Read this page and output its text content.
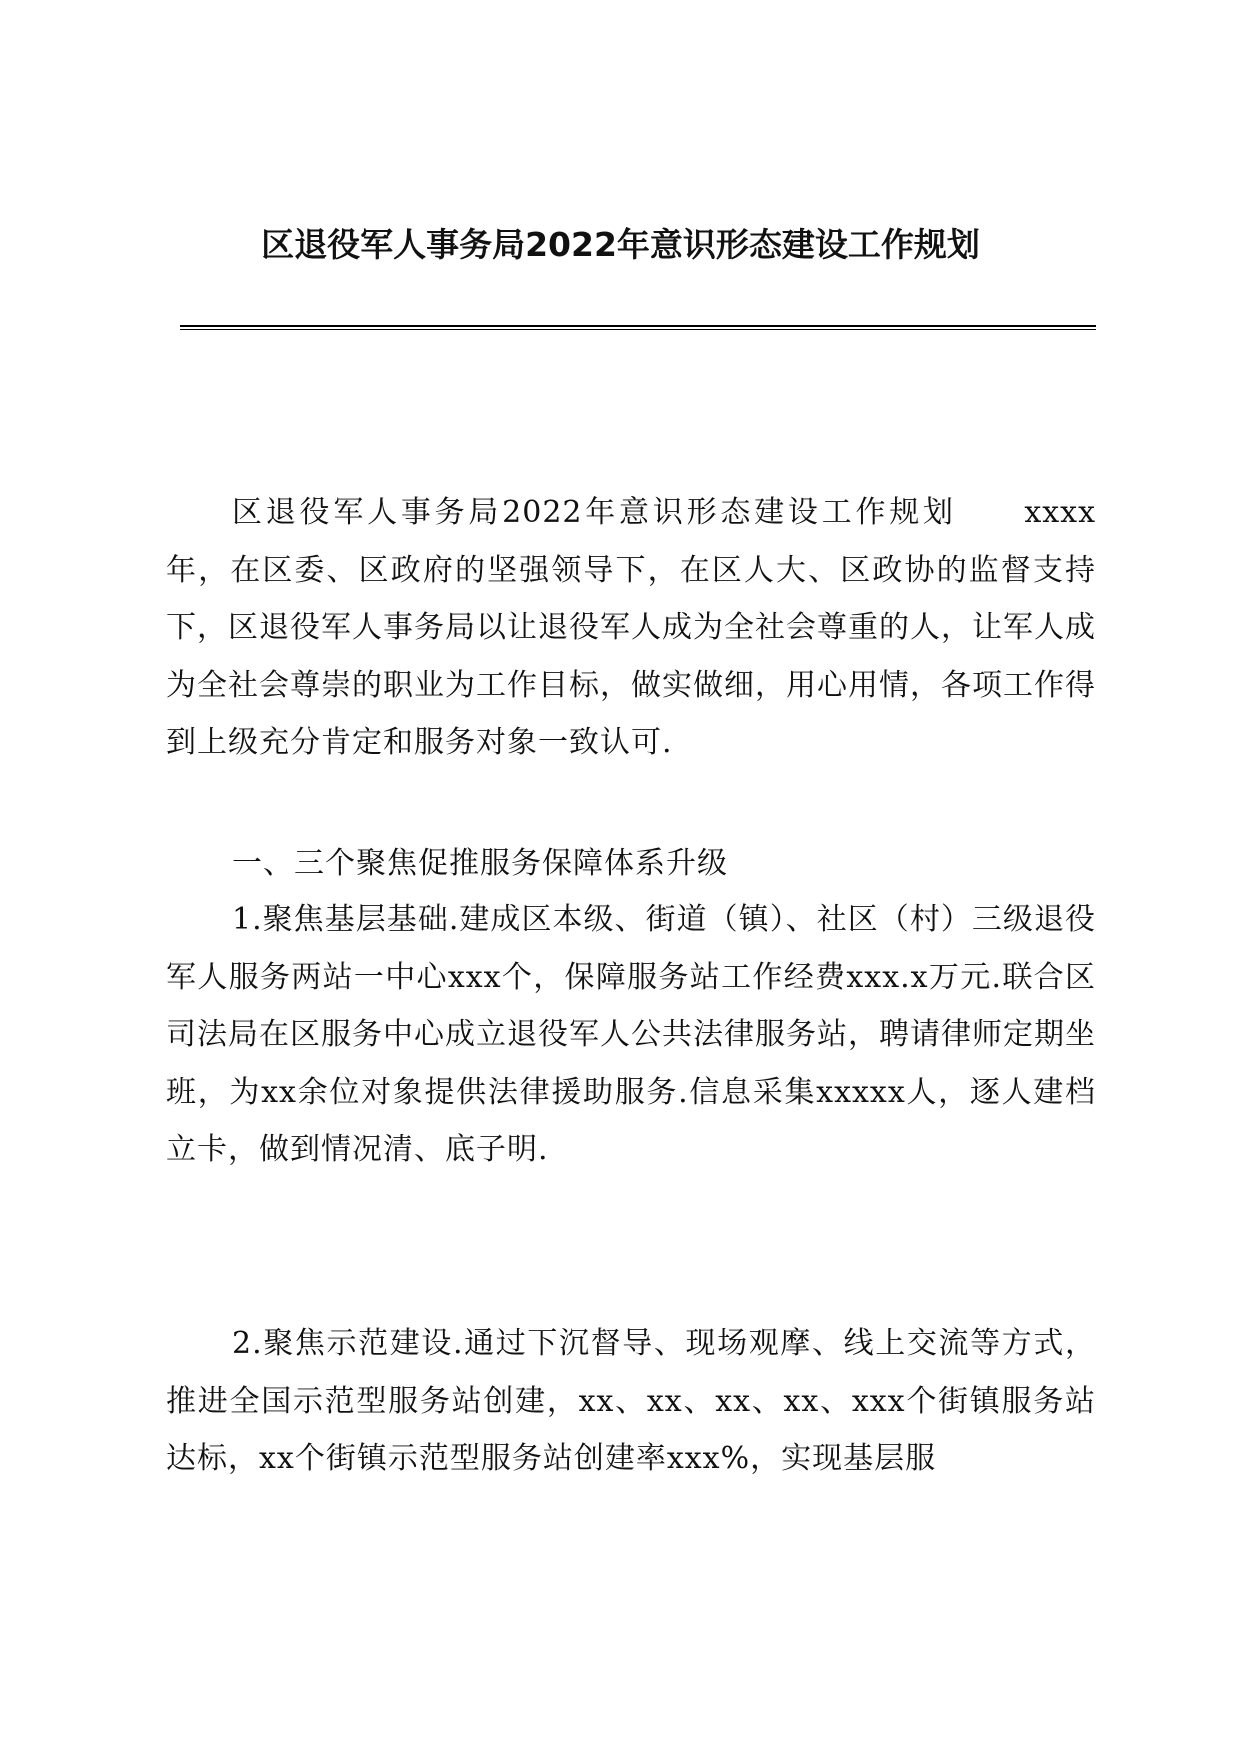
区退役军人事务局2022年意识形态建设工作规划

区退役军人事务局2022年意识形态建设工作规划　　xxxx年，在区委、区政府的坚强领导下，在区人大、区政协的监督支持下，区退役军人事务局以让退役军人成为全社会尊重的人，让军人成为全社会尊崇的职业为工作目标，做实做细，用心用情，各项工作得到上级充分肯定和服务对象一致认可.

一、三个聚焦促推服务保障体系升级

1.聚焦基层基础.建成区本级、街道（镇）、社区（村）三级退役军人服务两站一中心xxx个，保障服务站工作经费xxx.x万元.联合区司法局在区服务中心成立退役军人公共法律服务站，聘请律师定期坐班，为xx余位对象提供法律援助服务.信息采集xxxxx人，逐人建档立卡，做到情况清、底子明.

2.聚焦示范建设.通过下沉督导、现场观摩、线上交流等方式，推进全国示范型服务站创建，xx、xx、xx、xx、xxx个街镇服务站达标，xx个街镇示范型服务站创建率xxx%，实现基层服
